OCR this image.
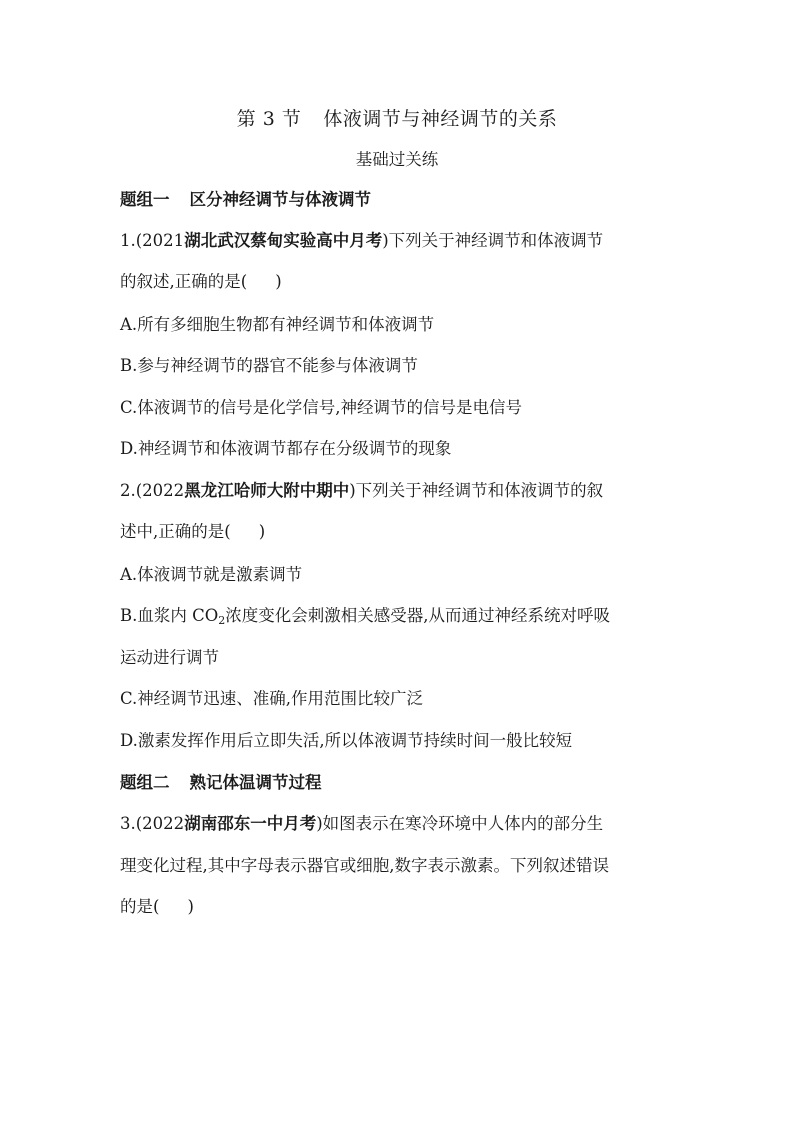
第 3 节 体液调节与神经调节的关系
基础过关练
题组一 区分神经调节与体液调节
1.(2021湖北武汉蔡甸实验高中月考)下列关于神经调节和体液调节
的叙述,正确的是( )
A.所有多细胞生物都有神经调节和体液调节
B.参与神经调节的器官不能参与体液调节
C.体液调节的信号是化学信号,神经调节的信号是电信号
D.神经调节和体液调节都存在分级调节的现象
2.(2022黑龙江哈师大附中期中)下列关于神经调节和体液调节的叙
述中,正确的是( )
A.体液调节就是激素调节
B.血浆内 $CO_2$浓度变化会刺激相关感受器,从而通过神经系统对呼吸
运动进行调节
C.神经调节迅速、准确,作用范围比较广泛
D.激素发挥作用后立即失活,所以体液调节持续时间一般比较短
题组二 熟记体温调节过程
3.(2022湖南邵东一中月考)如图表示在寒冷环境中人体内的部分生
理变化过程,其中字母表示器官或细胞,数字表示激素。下列叙述错误
的是( )
